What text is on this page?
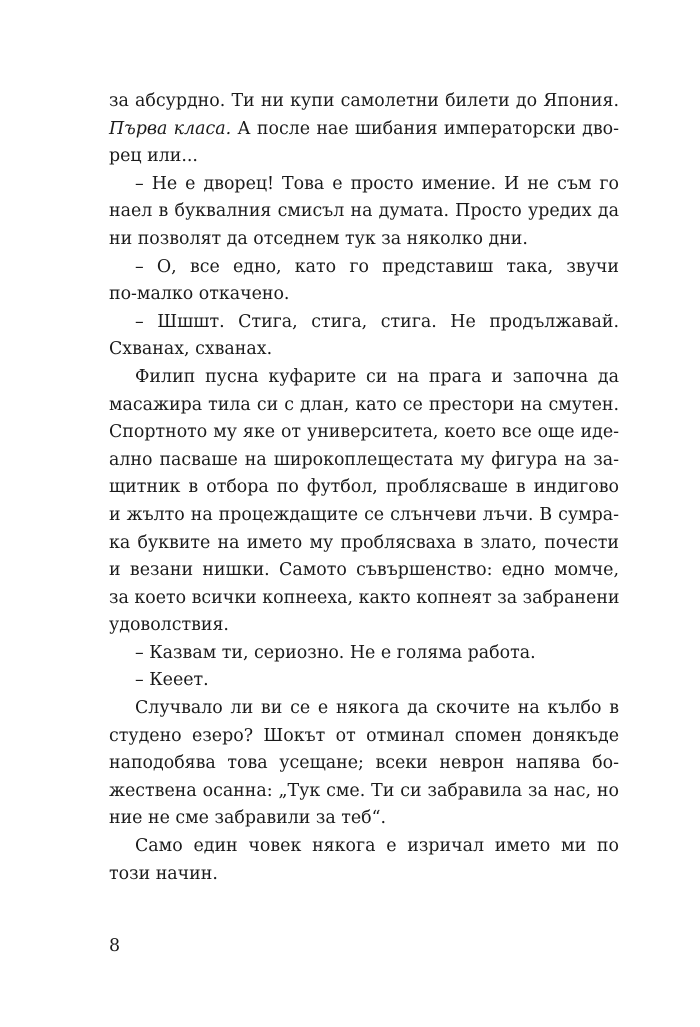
за абсурдно. Ти ни купи самолетни билети до Япония.
Първа класа. А после нае шибания императорски дво-
рец или...
– Не е дворец! Това е просто имение. И не съм го
наел в буквалния смисъл на думата. Просто уредих да
ни позволят да отседнем тук за няколко дни.
– О, все едно, като го представиш така, звучи
по-малко откачено.
– Шшшт. Стига, стига, стига. Не продължавай.
Схванах, схванах.
Филип пусна куфарите си на прага и започна да
масажира тила си с длан, като се престори на смутен.
Спортното му яке от университета, което все още иде-
ално пасваше на широкоплещестата му фигура на за-
щитник в отбора по футбол, проблясваше в индигово
и жълто на процеждащите се слънчеви лъчи. В сумра-
ка буквите на името му проблясваха в злато, почести
и везани нишки. Самото съвършенство: едно момче,
за което всички копнееха, както копнеят за забранени
удоволствия.
– Казвам ти, сериозно. Не е голяма работа.
– Кееет.
Случвало ли ви се е някога да скочите на кълбо в
студено езеро? Шокът от отминал спомен донякъде
наподобява това усещане; всеки неврон напява бо-
жествена осанна: „Тук сме. Ти си забравила за нас, но
ние не сме забравили за теб“.
Само един човек някога е изричал името ми по
този начин.
8
